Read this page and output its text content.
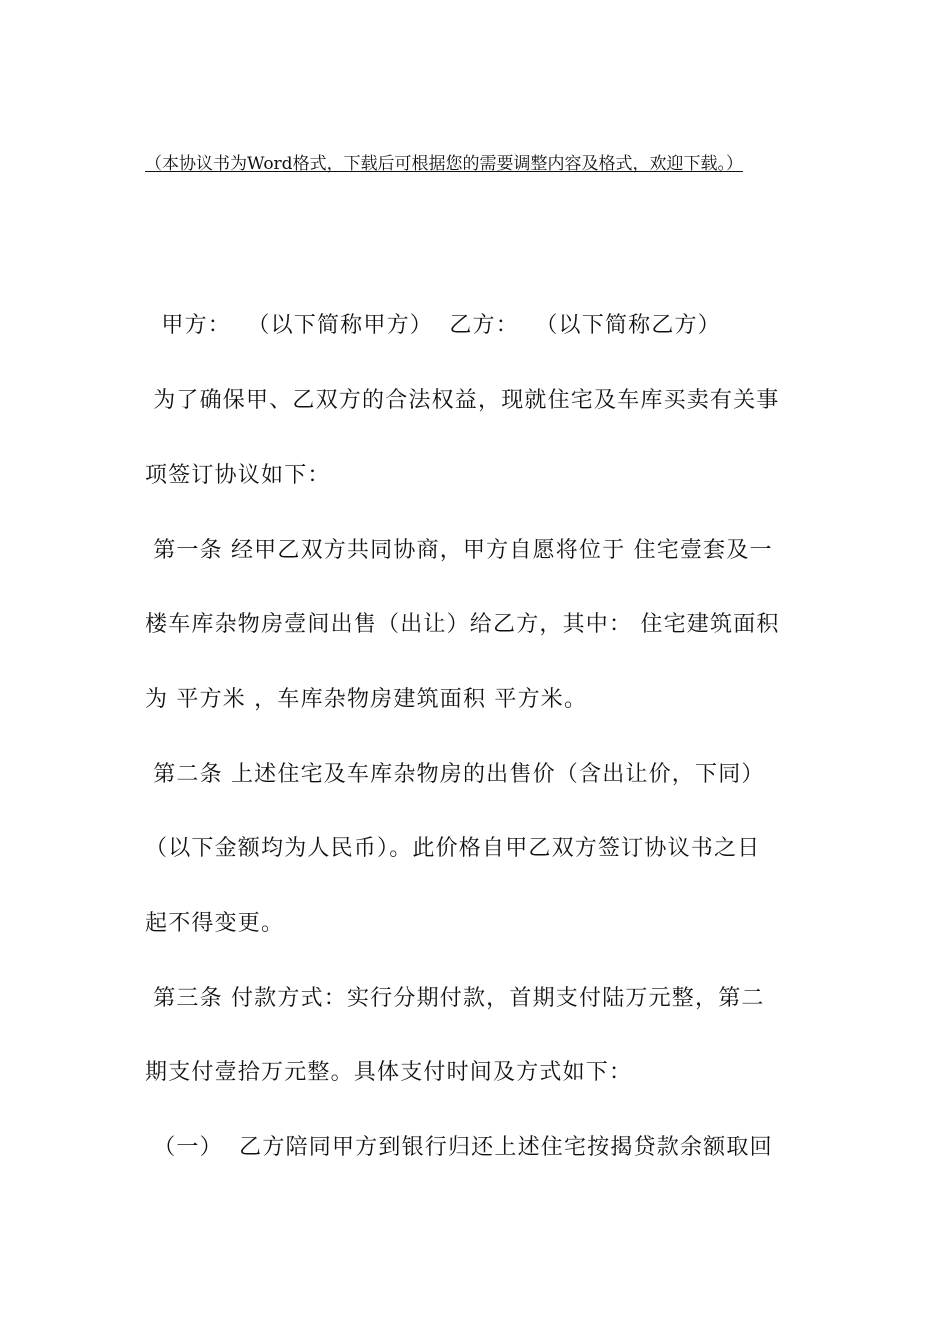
（本协议书为Word格式，下载后可根据您的需要调整内容及格式，欢迎下载。）
甲方：  （以下简称甲方）  乙方：  （以下简称乙方）
为了确保甲、乙双方的合法权益，现就住宅及车库买卖有关事
项签订协议如下：
第一条 经甲乙双方共同协商，甲方自愿将位于 住宅壹套及一
楼车库杂物房壹间出售（出让）给乙方，其中： 住宅建筑面积
为 平方米 ，车库杂物房建筑面积 平方米。
第二条 上述住宅及车库杂物房的出售价（含出让价，下同）
（以下金额均为人民币）。此价格自甲乙双方签订协议书之日
起不得变更。
第三条 付款方式：实行分期付款，首期支付陆万元整，第二
期支付壹拾万元整。具体支付时间及方式如下：
（一）  乙方陪同甲方到银行归还上述住宅按揭贷款余额取回
